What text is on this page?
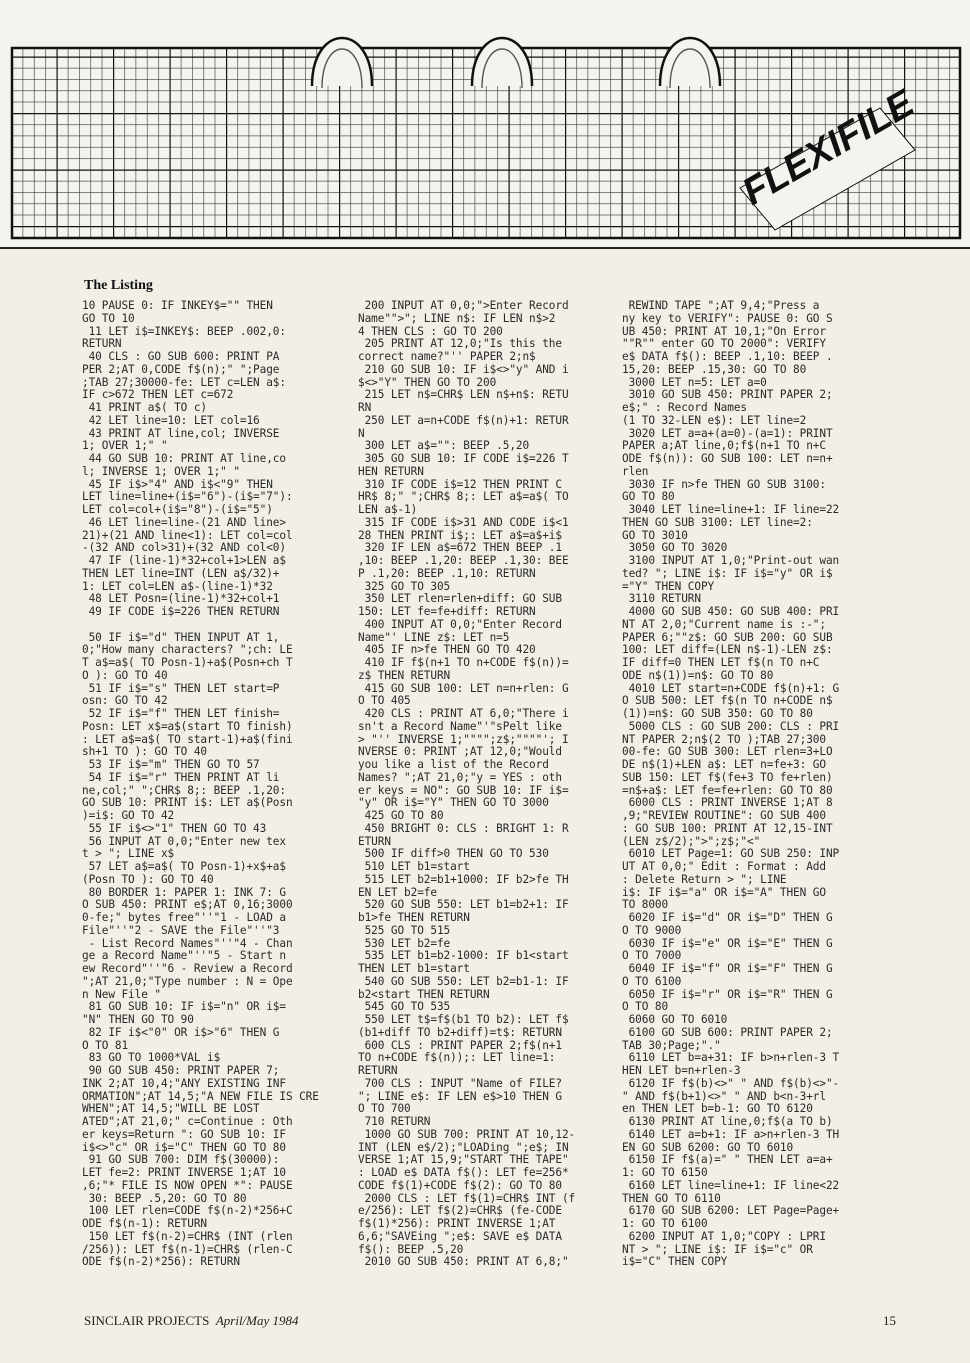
FLEXIFILE
The Listing
10 PAUSE 0: IF INKEY$="" THEN
GO TO 10
11 LET i$=INKEY$: BEEP .002,0:
RETURN
40 CLS : GO SUB 600: PRINT PA
PER 2;AT 0,CODE f$(n);" ";Page
;TAB 27;30000-fe: LET c=LEN a$:
IF c>672 THEN LET c=672
41 PRINT a$( TO c)
42 LET line=10: LET col=16
43 PRINT AT line,col; INVERSE
1; OVER 1;" "
44 GO SUB 10: PRINT AT line,co
l; INVERSE 1; OVER 1;" "
45 IF i$>"4" AND i$<"9" THEN
LET line=line+(i$="6")-(i$="7"):
LET col=col+(i$="8")-(i$="5")
46 LET line=line-(21 AND line>
21)+(21 AND line<1): LET col=col
-(32 AND col>31)+(32 AND col<0)
47 IF (line-1)*32+col+1>LEN a$
THEN LET line=INT (LEN a$/32)+
1: LET col=LEN a$-(line-1)*32
48 LET Posn=(line-1)*32+col+1
49 IF CODE i$=226 THEN RETURN

50 IF i$="d" THEN INPUT AT 1,
0;"How many characters? ";ch: LE
T a$=a$( TO Posn-1)+a$(Posn+ch T
O ): GO TO 40
51 IF i$="s" THEN LET start=P
osn: GO TO 42
52 IF i$="f" THEN LET finish=
Posn: LET x$=a$(start TO finish)
: LET a$=a$( TO start-1)+a$(fini
sh+1 TO ): GO TO 40
53 IF i$="m" THEN GO TO 57
54 IF i$="r" THEN PRINT AT li
ne,col;" ";CHR$ 8;: BEEP .1,20:
GO SUB 10: PRINT i$: LET a$(Posn
)=i$: GO TO 42
55 IF i$<>"1" THEN GO TO 43
56 INPUT AT 0,0;"Enter new tex
t > "; LINE x$
57 LET a$=a$( TO Posn-1)+x$+a$
(Posn TO ): GO TO 40
80 BORDER 1: PAPER 1: INK 7: G
O SUB 450: PRINT e$;AT 0,16;3000
0-fe;" bytes free"''"1 - LOAD a
File"''"2 - SAVE the File"''"3
- List Record Names"''"4 - Chan
ge a Record Name"''"5 - Start n
ew Record"''"6 - Review a Record
";AT 21,0;"Type number : N = Ope
n New File "
81 GO SUB 10: IF i$="n" OR i$=
"N" THEN GO TO 90
82 IF i$<"0" OR i$>"6" THEN G
O TO 81
83 GO TO 1000*VAL i$
90 GO SUB 450: PRINT PAPER 7;
INK 2;AT 10,4;"ANY EXISTING INF
ORMATION";AT 14,5;"A NEW FILE IS CRE
WHEN";AT 14,5;"WILL BE LOST
ATED";AT 21,0;" c=Continue : Oth
er keys=Return ": GO SUB 10: IF
i$<>"c" OR i$="C" THEN GO TO 80
91 GO SUB 700: DIM f$(30000):
LET fe=2: PRINT INVERSE 1;AT 10
,6;"* FILE IS NOW OPEN *": PAUSE
30: BEEP .5,20: GO TO 80
100 LET rlen=CODE f$(n-2)*256+C
ODE f$(n-1): RETURN
150 LET f$(n-2)=CHR$ (INT (rlen
/256)): LET f$(n-1)=CHR$ (rlen-C
ODE f$(n-2)*256): RETURN
200 INPUT AT 0,0;">Enter Record
Name"">"; LINE n$: IF LEN n$>2
4 THEN CLS : GO TO 200
205 PRINT AT 12,0;"Is this the
correct name?"'' PAPER 2;n$
210 GO SUB 10: IF i$<>"y" AND i
$<>"Y" THEN GO TO 200
215 LET n$=CHR$ LEN n$+n$: RETU
RN
250 LET a=n+CODE f$(n)+1: RETUR
N
300 LET a$="": BEEP .5,20
305 GO SUB 10: IF CODE i$=226 T
HEN RETURN
310 IF CODE i$=12 THEN PRINT C
HR$ 8;" ";CHR$ 8;: LET a$=a$( TO
LEN a$-1)
315 IF CODE i$>31 AND CODE i$<1
28 THEN PRINT i$;: LET a$=a$+i$
320 IF LEN a$=672 THEN BEEP .1
,10: BEEP .1,20: BEEP .1,30: BEE
P .1,20: BEEP .1,10: RETURN
325 GO TO 305
350 LET rlen=rlen+diff: GO SUB
150: LET fe=fe+diff: RETURN
400 INPUT AT 0,0;"Enter Record
Name"' LINE z$: LET n=5
405 IF n>fe THEN GO TO 420
410 IF f$(n+1 TO n+CODE f$(n))=
z$ THEN RETURN
415 GO SUB 100: LET n=n+rlen: G
O TO 405
420 CLS : PRINT AT 6,0;"There i
sn't a Record Name"'"sPelt like
> "'' INVERSE 1;"""";z$;""""'; I
NVERSE 0: PRINT ;AT 12,0;"Would
you like a list of the Record
Names? ";AT 21,0;"y = YES : oth
er keys = NO": GO SUB 10: IF i$=
"y" OR i$="Y" THEN GO TO 3000
425 GO TO 80
450 BRIGHT 0: CLS : BRIGHT 1: R
ETURN
500 IF diff>0 THEN GO TO 530
510 LET b1=start
515 LET b2=b1+1000: IF b2>fe TH
EN LET b2=fe
520 GO SUB 550: LET b1=b2+1: IF
b1>fe THEN RETURN
525 GO TO 515
530 LET b2=fe
535 LET b1=b2-1000: IF b1<start
THEN LET b1=start
540 GO SUB 550: LET b2=b1-1: IF
b2<start THEN RETURN
545 GO TO 535
550 LET t$=f$(b1 TO b2): LET f$
(b1+diff TO b2+diff)=t$: RETURN
600 CLS : PRINT PAPER 2;f$(n+1
TO n+CODE f$(n));: LET line=1:
RETURN
700 CLS : INPUT "Name of FILE?
"; LINE e$: IF LEN e$>10 THEN G
O TO 700
710 RETURN
1000 GO SUB 700: PRINT AT 10,12-
INT (LEN e$/2);"LOADing ";e$; IN
VERSE 1;AT 15,9;"START THE TAPE"
: LOAD e$ DATA f$(): LET fe=256*
CODE f$(1)+CODE f$(2): GO TO 80
2000 CLS : LET f$(1)=CHR$ INT (f
e/256): LET f$(2)=CHR$ (fe-CODE
f$(1)*256): PRINT INVERSE 1;AT
6,6;"SAVEing ";e$: SAVE e$ DATA
f$(): BEEP .5,20
2010 GO SUB 450: PRINT AT 6,8;"
REWIND TAPE ";AT 9,4;"Press a
ny key to VERIFY": PAUSE 0: GO S
UB 450: PRINT AT 10,1;"On Error
""R"" enter GO TO 2000": VERIFY
e$ DATA f$(): BEEP .1,10: BEEP .
15,20: BEEP .15,30: GO TO 80
3000 LET n=5: LET a=0
3010 GO SUB 450: PRINT PAPER 2;
e$;" : Record Names
(1 TO 32-LEN e$): LET line=2
3020 LET a=a+(a=0)-(a=1): PRINT
PAPER a;AT line,0;f$(n+1 TO n+C
ODE f$(n)): GO SUB 100: LET n=n+
rlen
3030 IF n>fe THEN GO SUB 3100:
GO TO 80
3040 LET line=line+1: IF line=22
THEN GO SUB 3100: LET line=2:
GO TO 3010
3050 GO TO 3020
3100 INPUT AT 1,0;"Print-out wan
ted? "; LINE i$: IF i$="y" OR i$
="Y" THEN COPY
3110 RETURN
4000 GO SUB 450: GO SUB 400: PRI
NT AT 2,0;"Current name is :-";
PAPER 6;""z$: GO SUB 200: GO SUB
100: LET diff=(LEN n$-1)-LEN z$:
IF diff=0 THEN LET f$(n TO n+C
ODE n$(1))=n$: GO TO 80
4010 LET start=n+CODE f$(n)+1: G
O SUB 500: LET f$(n TO n+CODE n$
(1))=n$: GO SUB 350: GO TO 80
5000 CLS : GO SUB 200: CLS : PRI
NT PAPER 2;n$(2 TO );TAB 27;300
00-fe: GO SUB 300: LET rlen=3+LO
DE n$(1)+LEN a$: LET n=fe+3: GO
SUB 150: LET f$(fe+3 TO fe+rlen)
=n$+a$: LET fe=fe+rlen: GO TO 80
6000 CLS : PRINT INVERSE 1;AT 8
,9;"REVIEW ROUTINE": GO SUB 400
: GO SUB 100: PRINT AT 12,15-INT
(LEN z$/2);">";z$;"<"
6010 LET Page=1: GO SUB 250: INP
UT AT 0,0;" Edit : Format : Add
: Delete Return > "; LINE
i$: IF i$="a" OR i$="A" THEN GO
TO 8000
6020 IF i$="d" OR i$="D" THEN G
O TO 9000
6030 IF i$="e" OR i$="E" THEN G
O TO 7000
6040 IF i$="f" OR i$="F" THEN G
O TO 6100
6050 IF i$="r" OR i$="R" THEN G
O TO 80
6060 GO TO 6010
6100 GO SUB 600: PRINT PAPER 2;
TAB 30;Page;"."
6110 LET b=a+31: IF b>n+rlen-3 T
HEN LET b=n+rlen-3
6120 IF f$(b)<>" " AND f$(b)<>"-
" AND f$(b+1)<>" " AND b<n-3+rl
en THEN LET b=b-1: GO TO 6120
6130 PRINT AT line,0;f$(a TO b)
6140 LET a=b+1: IF a>n+rlen-3 TH
EN GO SUB 6200: GO TO 6010
6150 IF f$(a)=" " THEN LET a=a+
1: GO TO 6150
6160 LET line=line+1: IF line<22
THEN GO TO 6110
6170 GO SUB 6200: LET Page=Page+
1: GO TO 6100
6200 INPUT AT 1,0;"COPY : LPRI
NT > "; LINE i$: IF i$="c" OR
i$="C" THEN COPY
SINCLAIR PROJECTS April/May 1984	15
